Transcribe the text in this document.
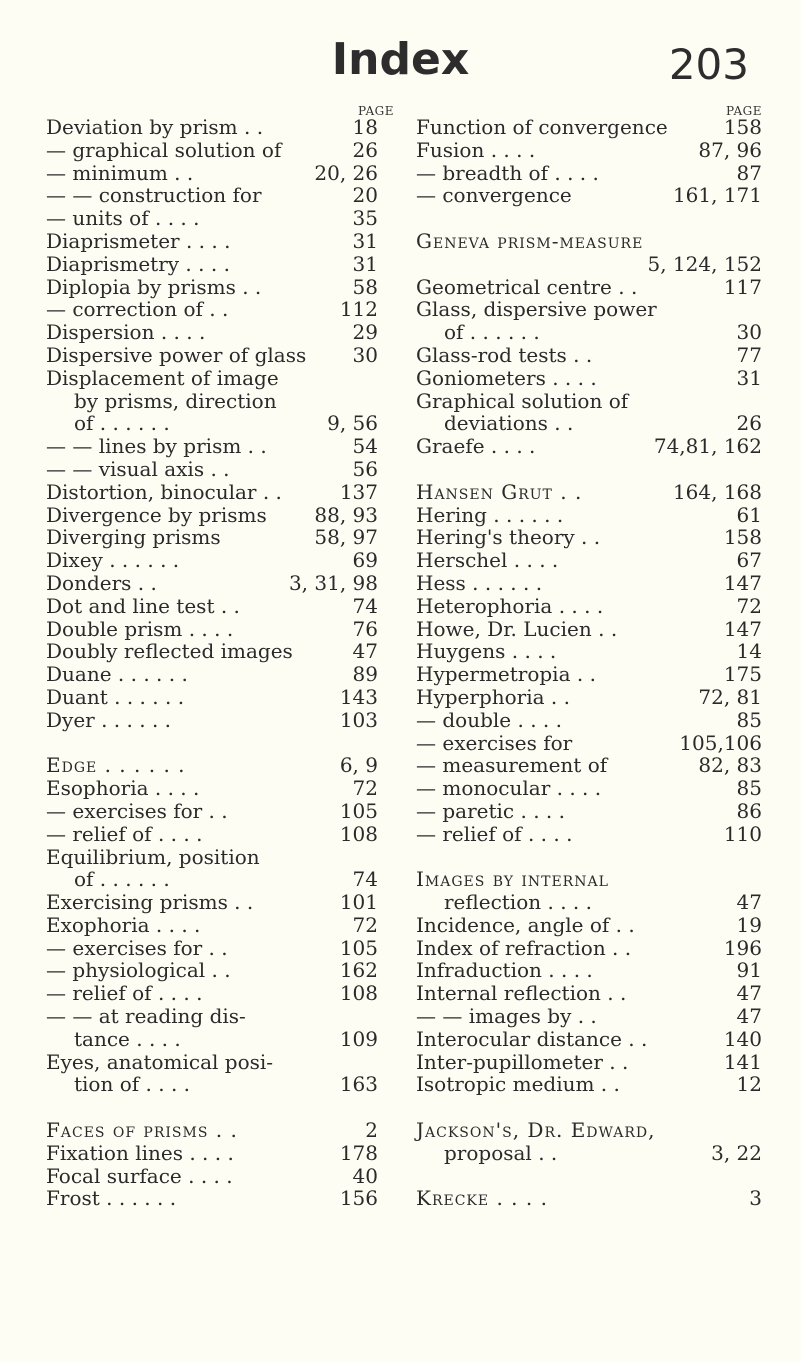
Index	203
PAGE
Deviation by prism . .	18
— graphical solution of	26
— minimum . .	20, 26
— — construction for	20
— units of . . . .	35
Diaprismeter . . . .	31
Diaprismetry . . . .	31
Diplopia by prisms . .	58
— correction of . .	112
Dispersion . . . .	29
Dispersive power of glass 30
Displacement of image
by prisms, direction
of . . . . . .	9, 56
— — lines by prism . .	54
— — visual axis . .	56
Distortion, binocular . .	137
Divergence by prisms 88, 93
Diverging prisms	58, 97
Dixey . . . . . .	69
Donders . .	3, 31, 98
Dot and line test . .	74
Double prism . . . .	76
Doubly reflected images	47
Duane . . . . . .	89
Duant . . . . . .	143
Dyer . . . . . .	103
Edge . . . . . .	6, 9
Esophoria . . . .	72
— exercises for . .	105
— relief of . . . .	108
Equilibrium, position
of . . . . . .	74
Exercising prisms . .	101
Exophoria . . . .	72
— exercises for . .	105
— physiological . .	162
— relief of . . . .	108
— — at reading dis-
tance . . . .	109
Eyes, anatomical posi-
tion of . . . .	163
Faces of prisms . .	2
Fixation lines . . . .	178
Focal surface . . . .	40
Frost . . . . . .	156
PAGE
Function of convergence	158
Fusion . . . .	87, 96
— breadth of . . . .	87
— convergence	161, 171
Geneva prism-measure
5, 124, 152
Geometrical centre . .	117
Glass, dispersive power
of . . . . . .	30
Glass-rod tests . .	77
Goniometers . . . .	31
Graphical solution of
deviations . .	26
Graefe . . . .	74,81, 162
Hansen Grut . .	164, 168
Hering . . . . . .	61
Hering's theory . .	158
Herschel . . . .	67
Hess . . . . . .	147
Heterophoria . . . .	72
Howe, Dr. Lucien . .	147
Huygens . . . .	14
Hypermetropia . .	175
Hyperphoria . .	72, 81
— double . . . .	85
— exercises for	105,106
— measurement of	82, 83
— monocular . . . .	85
— paretic . . . .	86
— relief of . . . .	110
Images by internal
reflection . . . .	47
Incidence, angle of . .	19
Index of refraction . .	196
Infraduction . . . .	91
Internal reflection . .	47
— — images by . .	47
Interocular distance . .	140
Inter-pupillometer . .	141
Isotropic medium . .	12
Jackson's, Dr. Edward,
proposal . .	3, 22
Krecke . . . .	3
